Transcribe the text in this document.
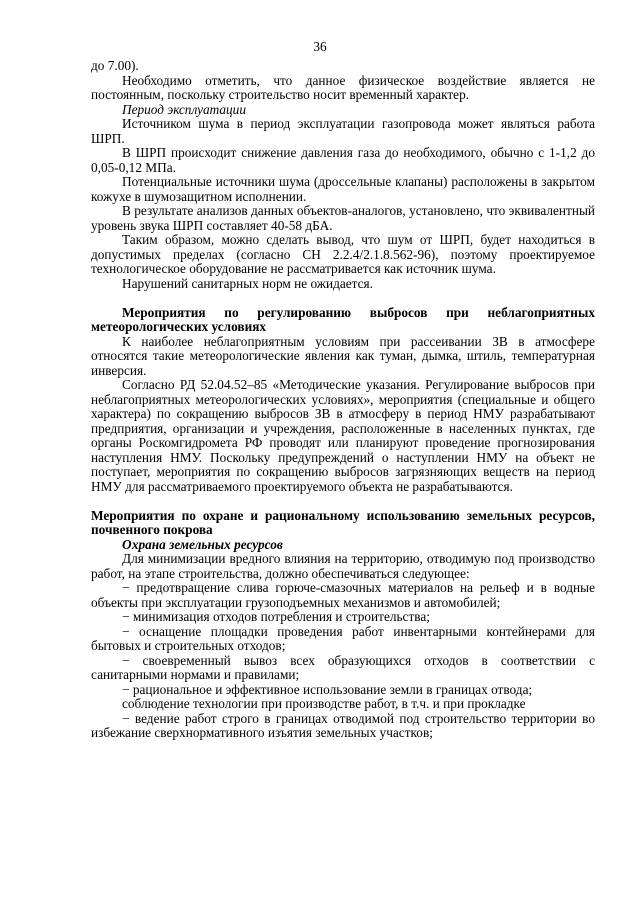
36

до 7.00).

Необходимо отметить, что данное физическое воздействие является не постоянным, поскольку строительство носит временный характер.

Период эксплуатации

Источником шума в период эксплуатации газопровода может являться работа ШРП.

В ШРП происходит снижение давления газа до необходимого, обычно с 1-1,2 до 0,05-0,12 МПа.

Потенциальные источники шума (дроссельные клапаны) расположены в закрытом кожухе в шумозащитном исполнении.

В результате анализов данных объектов-аналогов, установлено, что эквивалентный уровень звука ШРП составляет 40-58 дБА.

Таким образом, можно сделать вывод, что шум от ШРП, будет находиться в допустимых пределах (согласно СН 2.2.4/2.1.8.562-96), поэтому проектируемое технологическое оборудование не рассматривается как источник шума.

Нарушений санитарных норм не ожидается.

Мероприятия по регулированию выбросов при неблагоприятных метеорологических условиях

К наиболее неблагоприятным условиям при рассеивании ЗВ в атмосфере относятся такие метеорологические явления как туман, дымка, штиль, температурная инверсия.

Согласно РД 52.04.52–85 «Методические указания. Регулирование выбросов при неблагоприятных метеорологических условиях», мероприятия (специальные и общего характера) по сокращению выбросов ЗВ в атмосферу в период НМУ разрабатывают предприятия, организации и учреждения, расположенные в населенных пунктах, где органы Роскомгидромета РФ проводят или планируют проведение прогнозирования наступления НМУ. Поскольку предупреждений о наступлении НМУ на объект не поступает, мероприятия по сокращению выбросов загрязняющих веществ на период НМУ для рассматриваемого проектируемого объекта не разрабатываются.

Мероприятия по охране и рациональному использованию земельных ресурсов, почвенного покрова

Охрана земельных ресурсов

Для минимизации вредного влияния на территорию, отводимую под производство работ, на этапе строительства, должно обеспечиваться следующее:

− предотвращение слива горюче-смазочных материалов на рельеф и в водные объекты при эксплуатации грузоподъемных механизмов и автомобилей;

− минимизация отходов потребления и строительства;

− оснащение площадки проведения работ инвентарными контейнерами для бытовых и строительных отходов;

− своевременный вывоз всех образующихся отходов в соответствии с санитарными нормами и правилами;

− рациональное и эффективное использование земли в границах отвода;

соблюдение технологии при производстве работ, в т.ч. и при прокладке

− ведение работ строго в границах отводимой под строительство территории во избежание сверхнормативного изъятия земельных участков;
